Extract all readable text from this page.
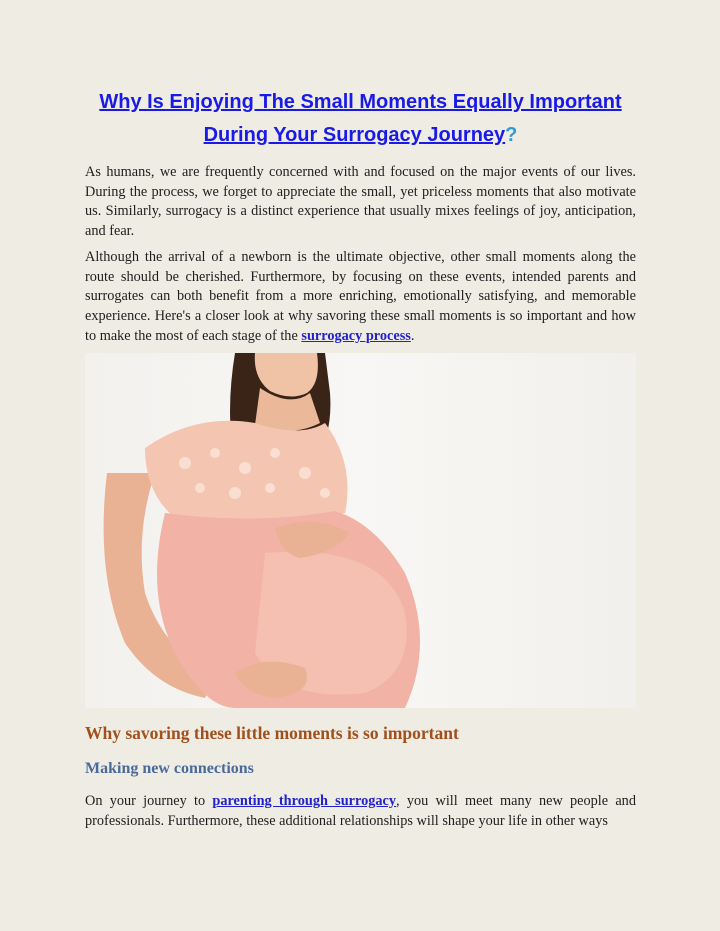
Why Is Enjoying The Small Moments Equally Important
During Your Surrogacy Journey?

As humans, we are frequently concerned with and focused on the major events of our lives. During the process, we forget to appreciate the small, yet priceless moments that also motivate us. Similarly, surrogacy is a distinct experience that usually mixes feelings of joy, anticipation, and fear.

Although the arrival of a newborn is the ultimate objective, other small moments along the route should be cherished. Furthermore, by focusing on these events, intended parents and surrogates can both benefit from a more enriching, emotionally satisfying, and memorable experience. Here's a closer look at why savoring these small moments is so important and how to make the most of each stage of the surrogacy process.

Why savoring these little moments is so important
Making new connections

On your journey to parenting through surrogacy, you will meet many new people and professionals. Furthermore, these additional relationships will shape your life in other ways
